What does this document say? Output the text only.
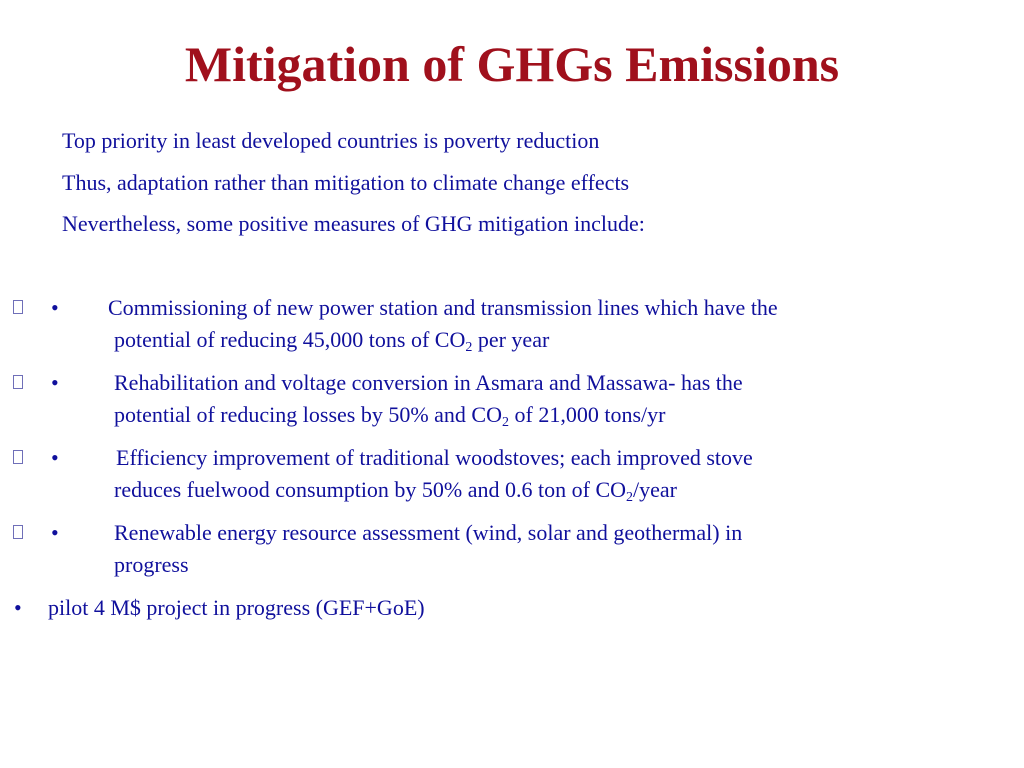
Mitigation of GHGs Emissions
Top priority in least developed countries is poverty reduction
Thus, adaptation rather than mitigation to climate change effects
Nevertheless, some positive measures of GHG mitigation include:
• Commissioning of new power station and transmission lines which have the
potential of reducing 45,000 tons of $CO_2$ per year
•	Rehabilitation and voltage conversion in Asmara and Massawa- has the
potential of reducing losses by 50% and $CO_2$ of 21,000 tons/yr
•	Efficiency improvement of traditional woodstoves; each improved stove
reduces fuelwood consumption by 50% and 0.6 ton of $CO_2$/year
•	Renewable energy resource assessment (wind, solar and geothermal) in
progress
• pilot 4 M$ project in progress (GEF+GoE)
